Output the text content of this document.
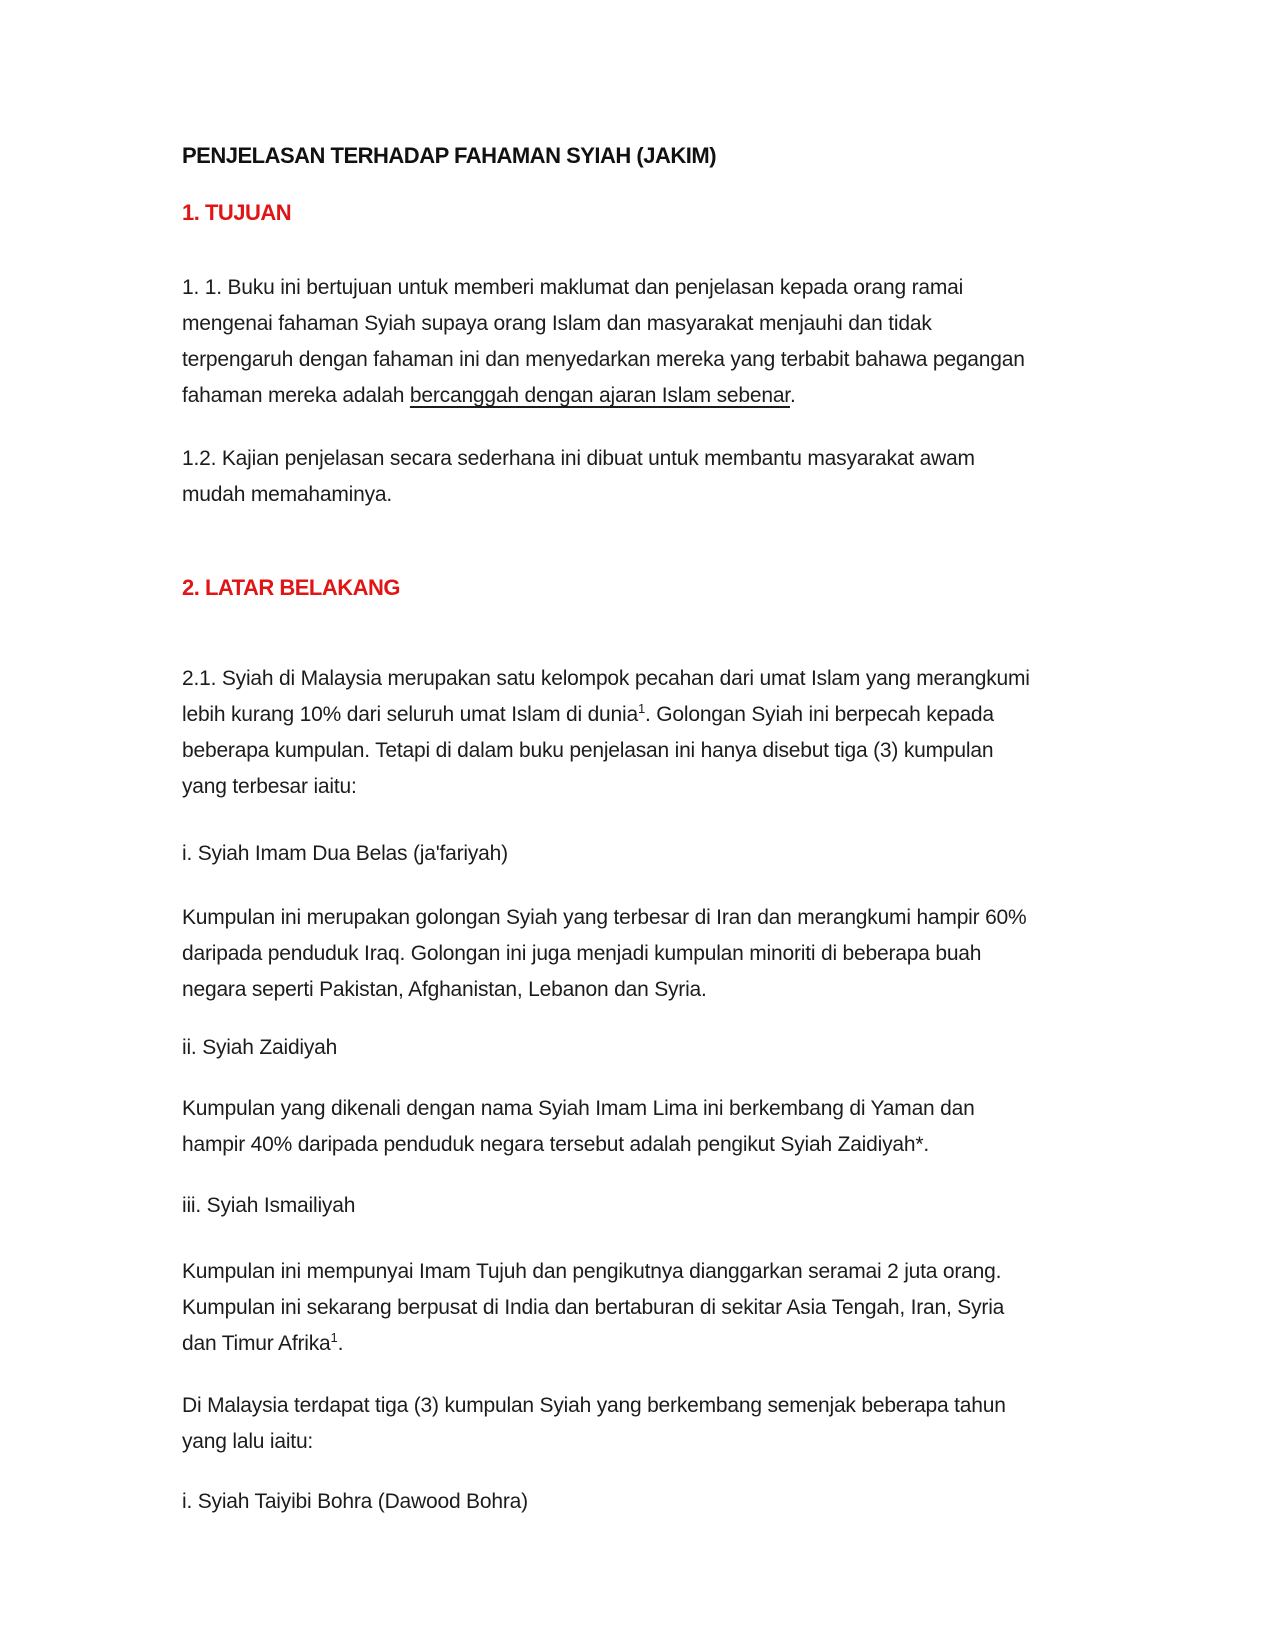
PENJELASAN TERHADAP FAHAMAN SYIAH (JAKIM)
1. TUJUAN

1. 1. Buku ini bertujuan untuk memberi maklumat dan penjelasan kepada orang ramai mengenai fahaman Syiah supaya orang Islam dan masyarakat menjauhi dan tidak terpengaruh dengan fahaman ini dan menyedarkan mereka yang terbabit bahawa pegangan fahaman mereka adalah bercanggah dengan ajaran Islam sebenar.

1.2. Kajian penjelasan secara sederhana ini dibuat untuk membantu masyarakat awam mudah memahaminya.

2. LATAR BELAKANG

2.1. Syiah di Malaysia merupakan satu kelompok pecahan dari umat Islam yang merangkumi lebih kurang 10% dari seluruh umat Islam di dunia$^1$. Golongan Syiah ini berpecah kepada beberapa kumpulan. Tetapi di dalam buku penjelasan ini hanya disebut tiga (3) kumpulan yang terbesar iaitu:

i. Syiah Imam Dua Belas (ja'fariyah)

Kumpulan ini merupakan golongan Syiah yang terbesar di Iran dan merangkumi hampir 60% daripada penduduk Iraq. Golongan ini juga menjadi kumpulan minoriti di beberapa buah negara seperti Pakistan, Afghanistan, Lebanon dan Syria.

ii. Syiah Zaidiyah

Kumpulan yang dikenali dengan nama Syiah Imam Lima ini berkembang di Yaman dan hampir 40% daripada penduduk negara tersebut adalah pengikut Syiah Zaidiyah*.

iii. Syiah Ismailiyah

Kumpulan ini mempunyai Imam Tujuh dan pengikutnya dianggarkan seramai 2 juta orang. Kumpulan ini sekarang berpusat di India dan bertaburan di sekitar Asia Tengah, Iran, Syria dan Timur Afrika$^1$.

Di Malaysia terdapat tiga (3) kumpulan Syiah yang berkembang semenjak beberapa tahun yang lalu iaitu:

i. Syiah Taiyibi Bohra (Dawood Bohra)
